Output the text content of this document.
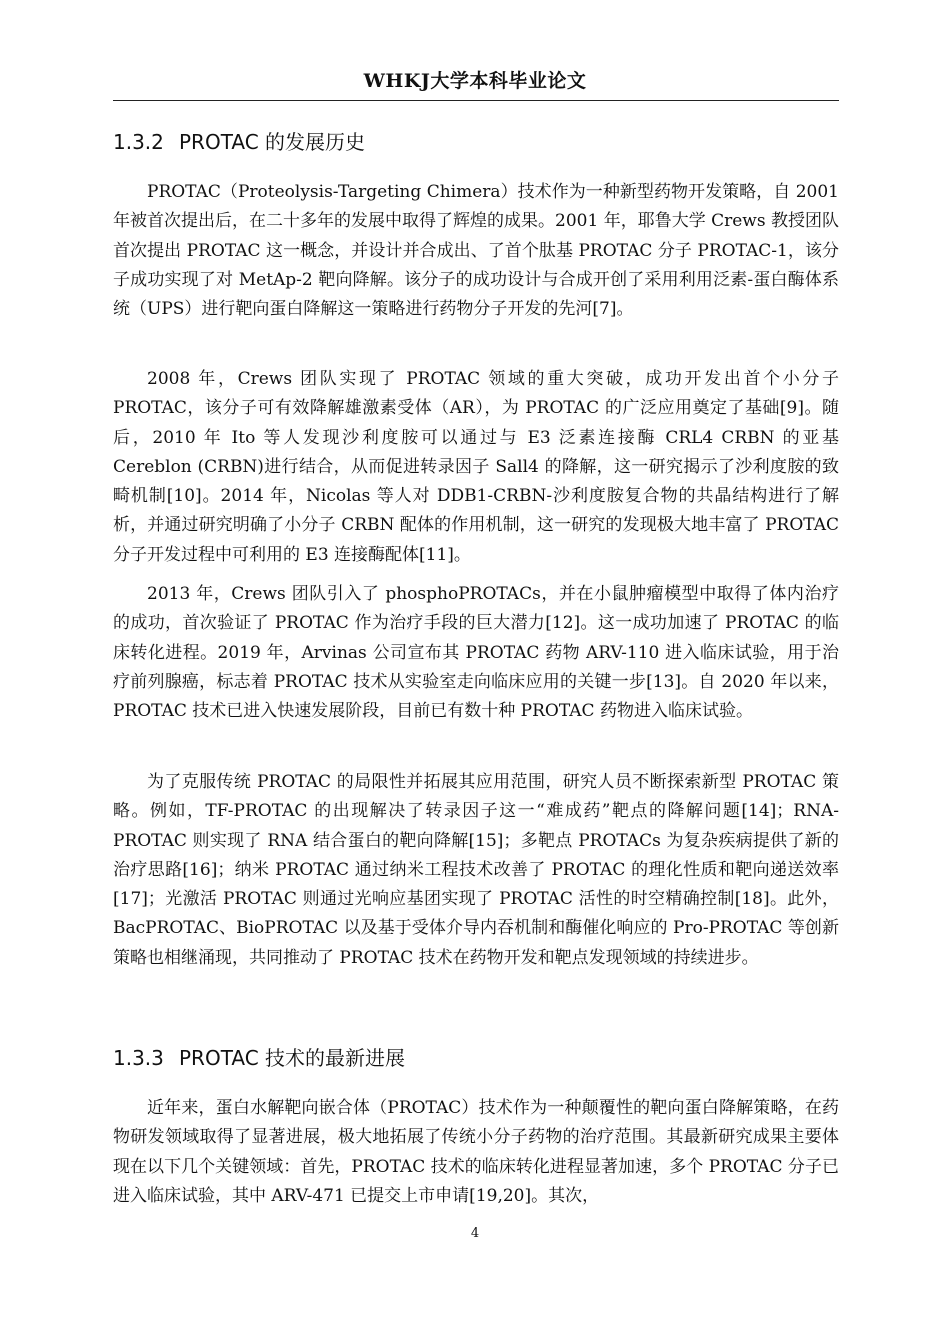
WHKJ大学本科毕业论文
1.3.2 PROTAC 的发展历史

PROTAC（Proteolysis-Targeting Chimera）技术作为一种新型药物开发策略，自 2001 年被首次提出后，在二十多年的发展中取得了辉煌的成果。2001 年，耶鲁大学 Crews 教授团队首次提出 PROTAC 这一概念，并设计并合成出、了首个肽基 PROTAC 分子 PROTAC-1，该分子成功实现了对 MetAp-2 靶向降解。该分子的成功设计与合成开创了采用利用泛素-蛋白酶体系统（UPS）进行靶向蛋白降解这一策略进行药物分子开发的先河[7]。

2008 年，Crews 团队实现了 PROTAC 领域的重大突破，成功开发出首个小分子 PROTAC，该分子可有效降解雄激素受体（AR），为 PROTAC 的广泛应用奠定了基础[9]。随后，2010 年 Ito 等人发现沙利度胺可以通过与 E3 泛素连接酶 CRL4 CRBN 的亚基 Cereblon (CRBN)进行结合，从而促进转录因子 Sall4 的降解，这一研究揭示了沙利度胺的致畸机制[10]。2014 年，Nicolas 等人对 DDB1-CRBN-沙利度胺复合物的共晶结构进行了解析，并通过研究明确了小分子 CRBN 配体的作用机制，这一研究的发现极大地丰富了 PROTAC 分子开发过程中可利用的 E3 连接酶配体[11]。

2013 年，Crews 团队引入了 phosphoPROTACs，并在小鼠肿瘤模型中取得了体内治疗的成功，首次验证了 PROTAC 作为治疗手段的巨大潜力[12]。这一成功加速了 PROTAC 的临床转化进程。2019 年，Arvinas 公司宣布其 PROTAC 药物 ARV-110 进入临床试验，用于治疗前列腺癌，标志着 PROTAC 技术从实验室走向临床应用的关键一步[13]。自 2020 年以来，PROTAC 技术已进入快速发展阶段，目前已有数十种 PROTAC 药物进入临床试验。

为了克服传统 PROTAC 的局限性并拓展其应用范围，研究人员不断探索新型 PROTAC 策略。例如，TF-PROTAC 的出现解决了转录因子这一“难成药”靶点的降解问题[14]；RNA-PROTAC 则实现了 RNA 结合蛋白的靶向降解[15]；多靶点 PROTACs 为复杂疾病提供了新的治疗思路[16]；纳米 PROTAC 通过纳米工程技术改善了 PROTAC 的理化性质和靶向递送效率[17]；光激活 PROTAC 则通过光响应基团实现了 PROTAC 活性的时空精确控制[18]。此外，BacPROTAC、BioPROTAC 以及基于受体介导内吞机制和酶催化响应的 Pro-PROTAC 等创新策略也相继涌现，共同推动了 PROTAC 技术在药物开发和靶点发现领域的持续进步。

1.3.3 PROTAC 技术的最新进展

近年来，蛋白水解靶向嵌合体（PROTAC）技术作为一种颠覆性的靶向蛋白降解策略，在药物研发领域取得了显著进展，极大地拓展了传统小分子药物的治疗范围。其最新研究成果主要体现在以下几个关键领域：首先，PROTAC 技术的临床转化进程显著加速，多个 PROTAC 分子已进入临床试验，其中 ARV-471 已提交上市申请[19,20]。其次，

4
